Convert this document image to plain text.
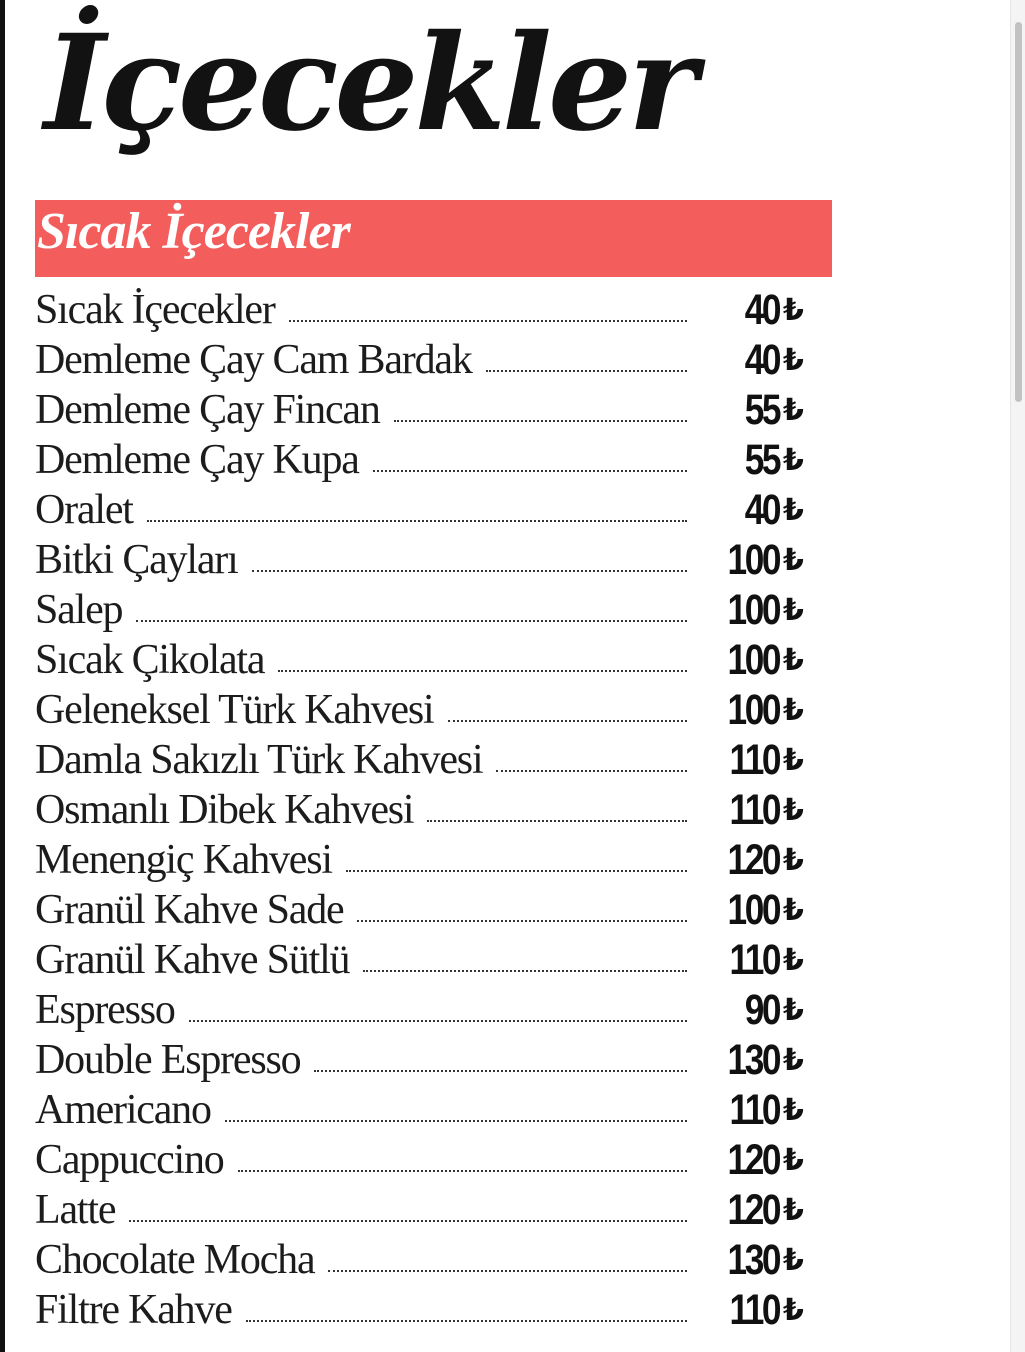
İçecekler
Sıcak İçecekler
Sıcak İçecekler	40 ₺
Demleme Çay Cam Bardak	40 ₺
Demleme Çay Fincan	55 ₺
Demleme Çay Kupa	55 ₺
Oralet	40 ₺
Bitki Çayları	100 ₺
Salep	100 ₺
Sıcak Çikolata	100 ₺
Geleneksel Türk Kahvesi	100 ₺
Damla Sakızlı Türk Kahvesi	110 ₺
Osmanlı Dibek Kahvesi	110 ₺
Menengiç Kahvesi	120 ₺
Granül Kahve Sade	100 ₺
Granül Kahve Sütlü	110 ₺
Espresso	90 ₺
Double Espresso	130 ₺
Americano	110 ₺
Cappuccino	120 ₺
Latte	120 ₺
Chocolate Mocha	130 ₺
Filtre Kahve	110 ₺
